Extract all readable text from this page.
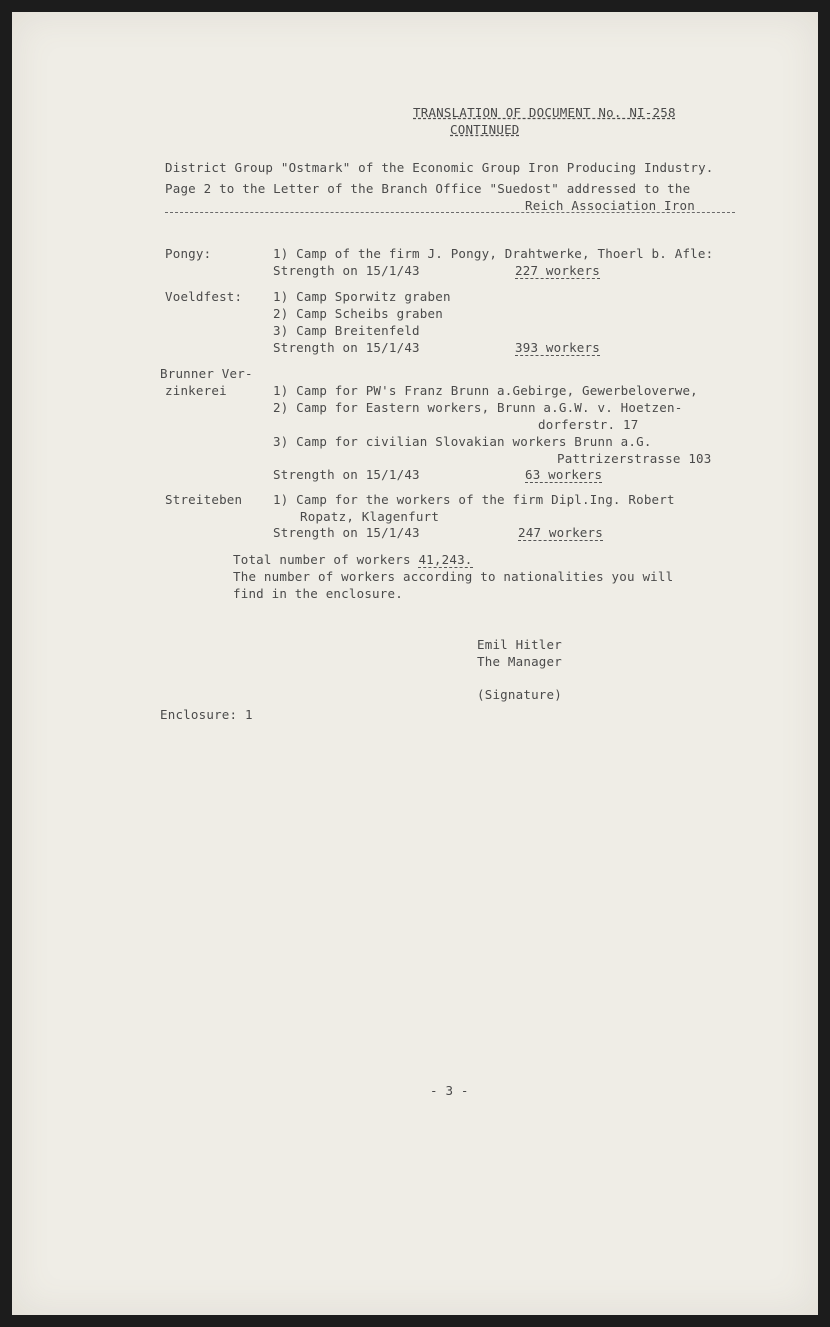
TRANSLATION OF DOCUMENT No. NI-258
CONTINUED
District Group "Ostmark" of the Economic Group Iron Producing Industry.
Page 2 to the Letter of the Branch Office "Suedost" addressed to the
Reich Association Iron
Pongy:	1) Camp of the firm J. Pongy, Drahtwerke, Thoerl b. Afle:
Strength on 15/1/43	227 workers
Voeldfest: 1) Camp Sporwitz graben
2) Camp Scheibs graben
3) Camp Breitenfeld
Strength on 15/1/43	393 workers
Brunner Ver-
zinkerei	1) Camp for PW's Franz Brunn a.Gebirge, Gewerbeloverwe,
2) Camp for Eastern workers, Brunn a.G.W. v. Hoetzen-
dorferstr. 17
3) Camp for civilian Slovakian workers Brunn a.G.
Pattrizerstrasse 103
Strength on 15/1/43	63 workers
Streiteben 1) Camp for the workers of the firm Dipl.Ing. Robert
Ropatz, Klagenfurt
Strength on 15/1/43	247 workers
Total number of workers 41,243.
The number of workers according to nationalities you will
find in the enclosure.
Emil Hitler
The Manager
(Signature)
Enclosure: 1
- 3 -
